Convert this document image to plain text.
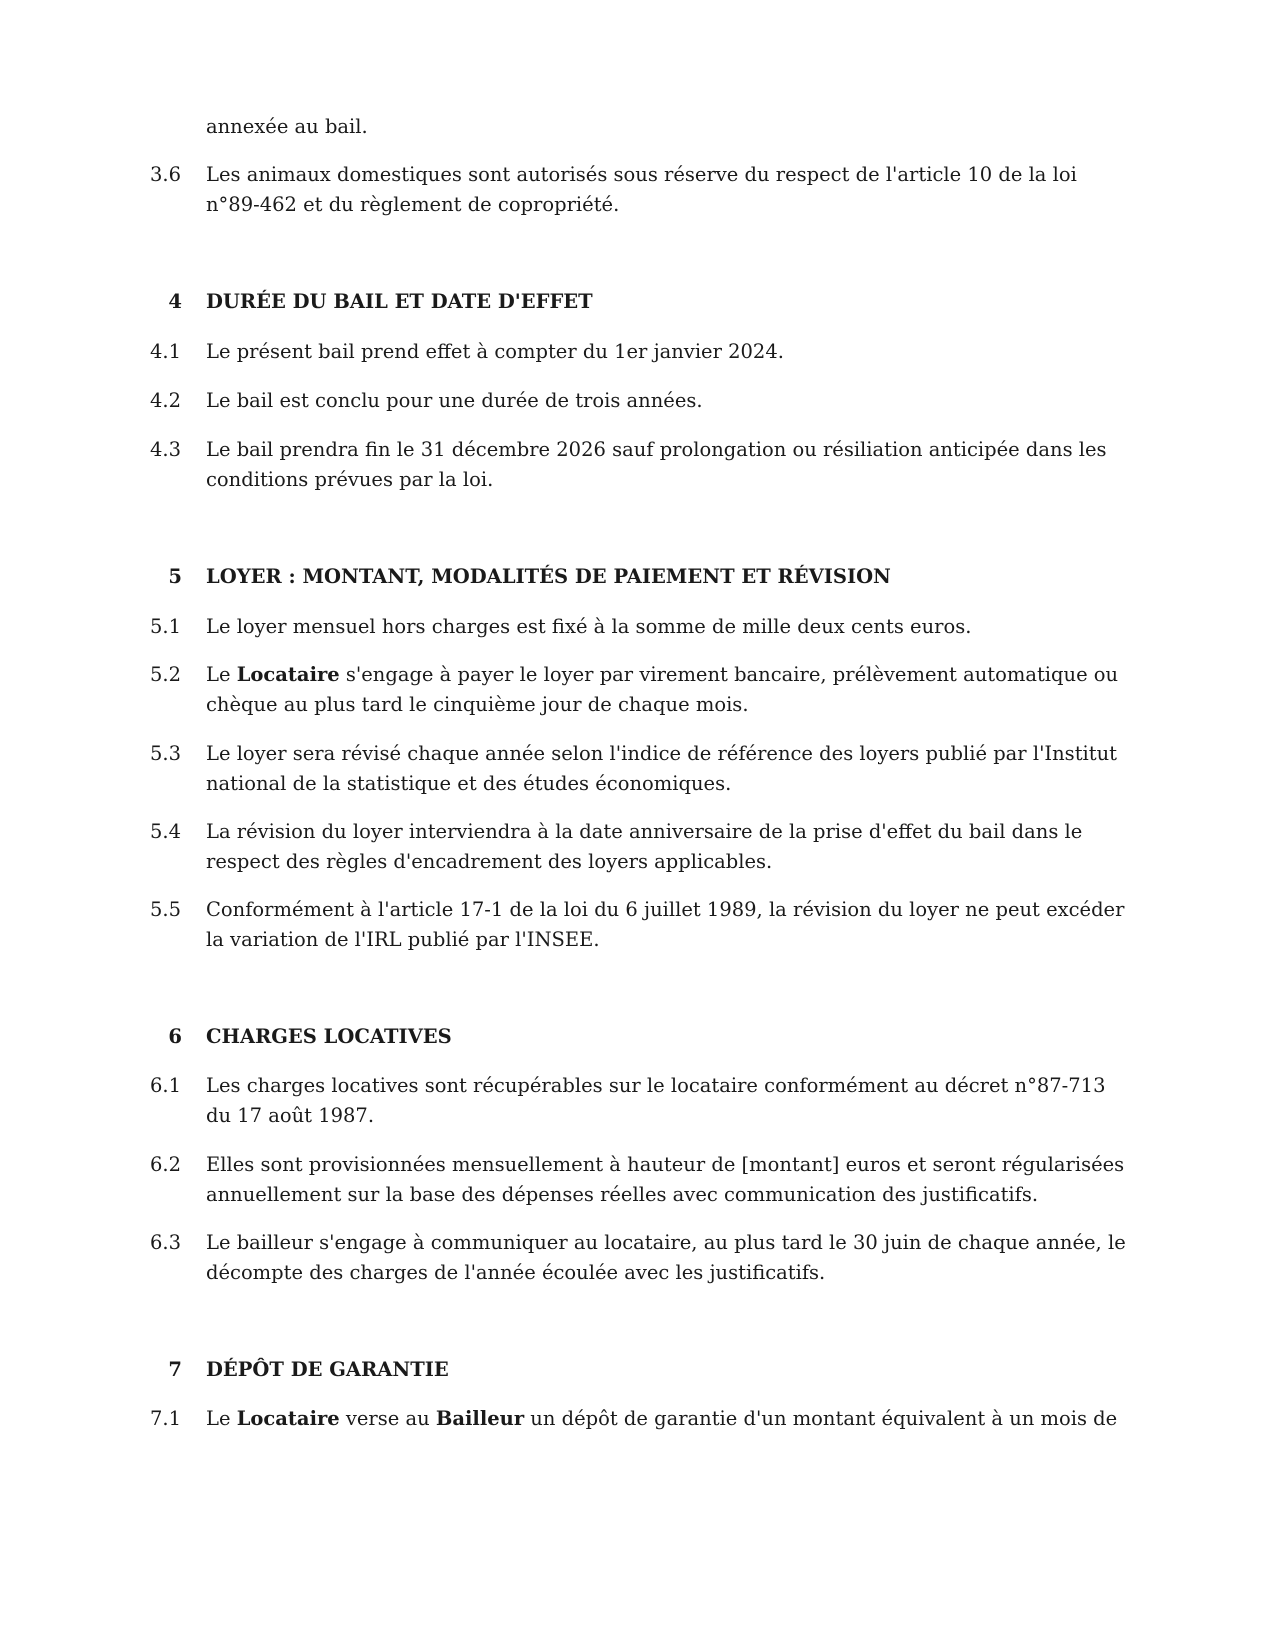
annexée au bail.
3.6	Les animaux domestiques sont autorisés sous réserve du respect de l'article 10 de la loi n°89-462 et du règlement de copropriété.
4 DURÉE DU BAIL ET DATE D'EFFET
4.1	Le présent bail prend effet à compter du 1er janvier 2024.
4.2	Le bail est conclu pour une durée de trois années.
4.3	Le bail prendra fin le 31 décembre 2026 sauf prolongation ou résiliation anticipée dans les conditions prévues par la loi.
5 LOYER : MONTANT, MODALITÉS DE PAIEMENT ET RÉVISION
5.1	Le loyer mensuel hors charges est fixé à la somme de mille deux cents euros.
5.2	Le Locataire s'engage à payer le loyer par virement bancaire, prélèvement automatique ou chèque au plus tard le cinquième jour de chaque mois.
5.3	Le loyer sera révisé chaque année selon l'indice de référence des loyers publié par l'Institut national de la statistique et des études économiques.
5.4	La révision du loyer interviendra à la date anniversaire de la prise d'effet du bail dans le respect des règles d'encadrement des loyers applicables.
5.5	Conformément à l'article 17-1 de la loi du 6 juillet 1989, la révision du loyer ne peut excéder la variation de l'IRL publié par l'INSEE.
6 CHARGES LOCATIVES
6.1	Les charges locatives sont récupérables sur le locataire conformément au décret n°87-713 du 17 août 1987.
6.2	Elles sont provisionnées mensuellement à hauteur de [montant] euros et seront régularisées annuellement sur la base des dépenses réelles avec communication des justificatifs.
6.3	Le bailleur s'engage à communiquer au locataire, au plus tard le 30 juin de chaque année, le décompte des charges de l'année écoulée avec les justificatifs.
7 DÉPÔT DE GARANTIE
7.1	Le Locataire verse au Bailleur un dépôt de garantie d'un montant équivalent à un mois de
